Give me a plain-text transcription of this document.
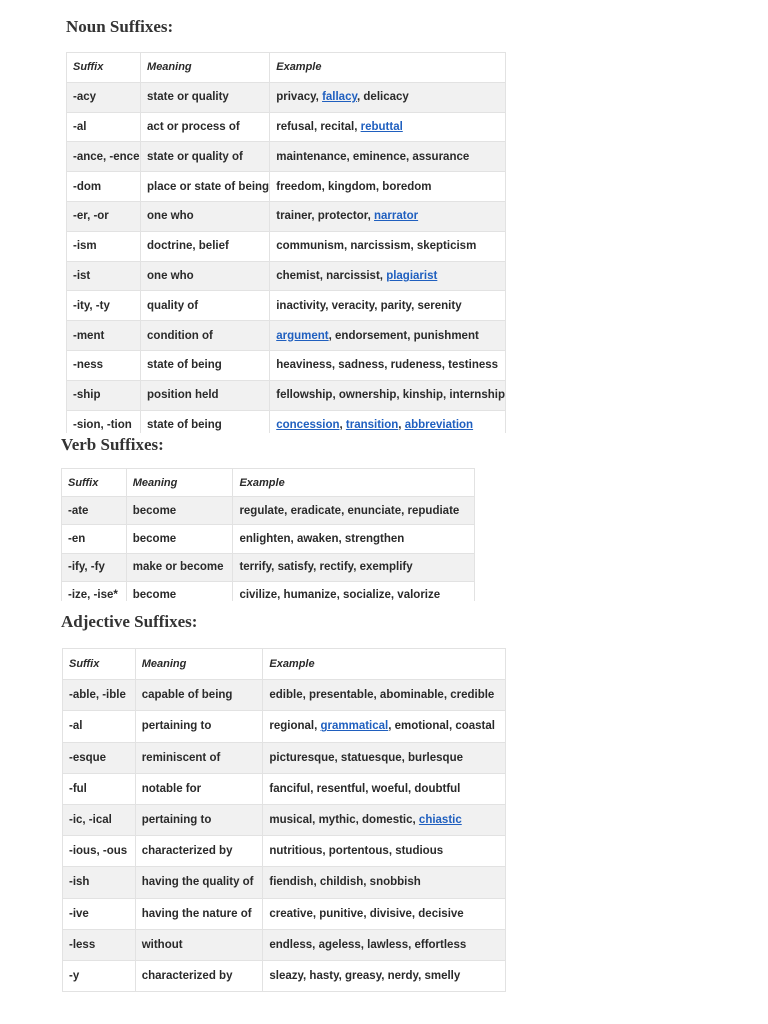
Noun Suffixes:
Suffix	Meaning	Example
-acy	state or quality	privacy, fallacy, delicacy
-al	act or process of	refusal, recital, rebuttal
-ance, -ence	state or quality of	maintenance, eminence, assurance
-dom	place or state of being	freedom, kingdom, boredom
-er, -or	one who	trainer, protector, narrator
-ism	doctrine, belief	communism, narcissism, skepticism
-ist	one who	chemist, narcissist, plagiarist
-ity, -ty	quality of	inactivity, veracity, parity, serenity
-ment	condition of	argument, endorsement, punishment
-ness	state of being	heaviness, sadness, rudeness, testiness
-ship	position held	fellowship, ownership, kinship, internship
-sion, -tion	state of being	concession, transition, abbreviation
Verb Suffixes:
Suffix	Meaning	Example
-ate	become	regulate, eradicate, enunciate, repudiate
-en	become	enlighten, awaken, strengthen
-ify, -fy	make or become	terrify, satisfy, rectify, exemplify
-ize, -ise*	become	civilize, humanize, socialize, valorize
Adjective Suffixes:
Suffix	Meaning	Example
-able, -ible	capable of being	edible, presentable, abominable, credible
-al	pertaining to	regional, grammatical, emotional, coastal
-esque	reminiscent of	picturesque, statuesque, burlesque
-ful	notable for	fanciful, resentful, woeful, doubtful
-ic, -ical	pertaining to	musical, mythic, domestic, chiastic
-ious, -ous	characterized by	nutritious, portentous, studious
-ish	having the quality of	fiendish, childish, snobbish
-ive	having the nature of	creative, punitive, divisive, decisive
-less	without	endless, ageless, lawless, effortless
-y	characterized by	sleazy, hasty, greasy, nerdy, smelly
